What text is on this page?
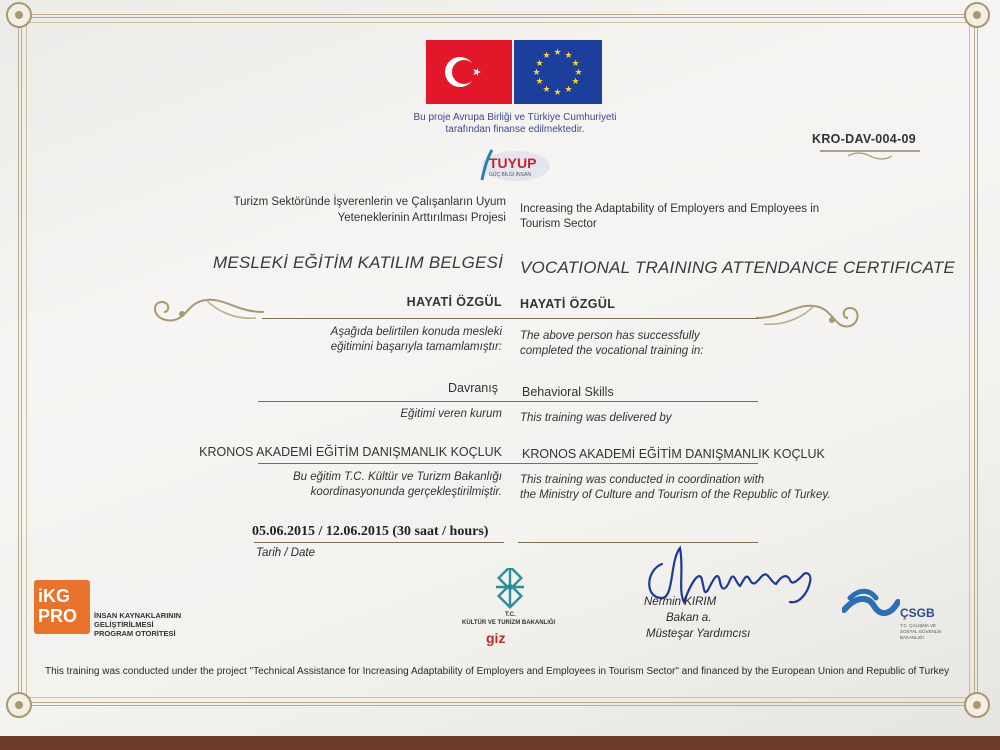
★ ★
★
★
★
★
★
★
★
★
★
★
Bu proje Avrupa Birliği ve Türkiye Cumhuriyeti
tarafından finanse edilmektedir.
KRO-DAV-004-09
TUYUP
GÜÇ BİLGİ İNSAN
Turizm Sektöründe İşverenlerin ve Çalışanların Uyum
Yeteneklerinin Arttırılması Projesi
Increasing the Adaptability of Employers and Employees in
Tourism Sector
MESLEKİ EĞİTİM KATILIM BELGESİ VOCATIONAL TRAINING ATTENDANCE CERTIFICATE
HAYATİ ÖZGÜL HAYATİ ÖZGÜL
Aşağıda belirtilen konuda mesleki
eğitimini başarıyla tamamlamıştır:
The above person has successfully
completed the vocational training in:
Davranış Behavioral Skills
Eğitimi veren kurum This training was delivered by
KRONOS AKADEMİ EĞİTİM DANIŞMANLIK KOÇLUK KRONOS AKADEMİ EĞİTİM DANIŞMANLIK KOÇLUK
Bu eğitim T.C. Kültür ve Turizm Bakanlığı
koordinasyonunda gerçekleştirilmiştir.
This training was conducted in coordination with
the Ministry of Culture and Tourism of the Republic of Turkey.
05.06.2015 / 12.06.2015 (30 saat / hours)
Tarih / Date
Nermin KIRIM
Bakan a.
Müsteşar Yardımcısı
iKG
PRO İNSAN KAYNAKLARININ
GELİŞTİRİLMESİ
PROGRAM OTORİTESİ
T.C.
KÜLTÜR VE TURİZM BAKANLIĞI
giz
ÇSGB
T.C. ÇALIŞMA VE
SOSYAL GÜVENLİK
BAKANLIĞI
This training was conducted under the project "Technical Assistance for Increasing Adaptability of Employers and Employees in Tourism Sector" and financed by the European Union and Republic of Turkey
